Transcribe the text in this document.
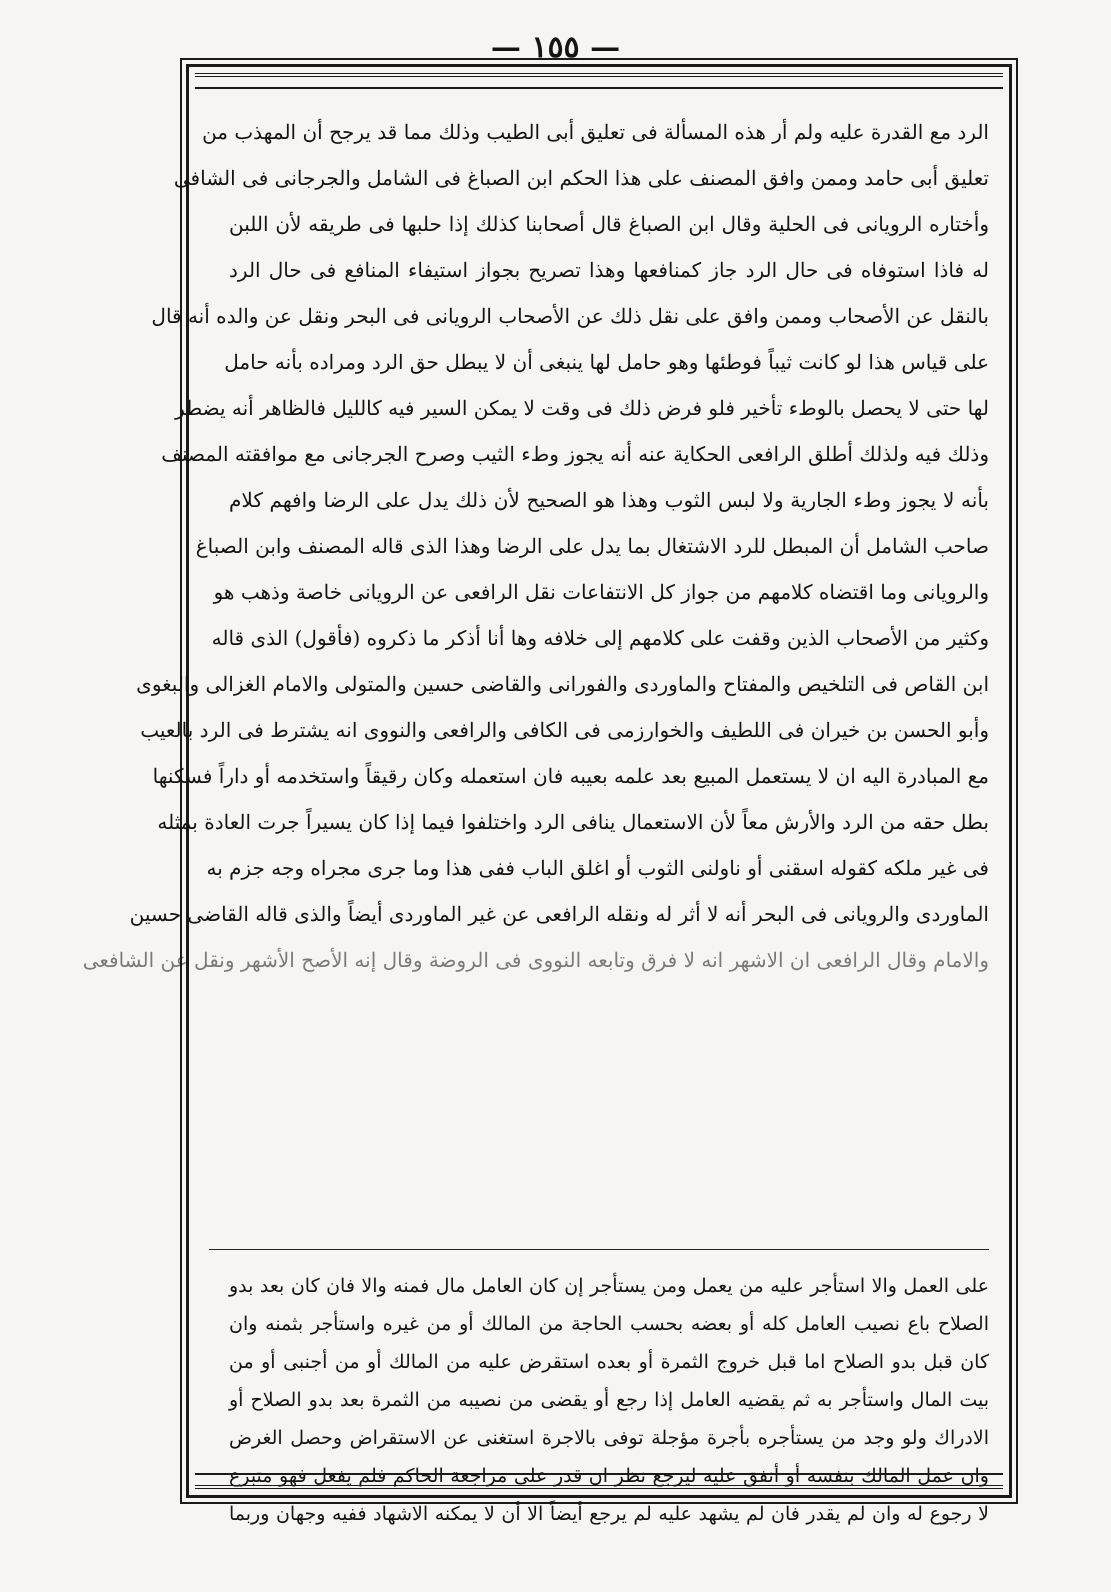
— ١٥٥ —
الرد مع القدرة عليه ولم أر هذه المسألة فى تعليق أبى الطيب وذلك مما قد يرجح أن المهذب من
تعليق أبى حامد وممن وافق المصنف على هذا الحكم ابن الصباغ فى الشامل والجرجانى فى الشافى
وأختاره الرويانى فى الحلية وقال ابن الصباغ قال أصحابنا كذلك إذا حلبها فى طريقه لأن اللبن
له فاذا استوفاه فى حال الرد جاز كمنافعها وهذا تصريح بجواز استيفاء المنافع فى حال الرد
بالنقل عن الأصحاب وممن وافق على نقل ذلك عن الأصحاب الرويانى فى البحر ونقل عن والده أنه قال
على قياس هذا لو كانت ثيباً فوطئها وهو حامل لها ينبغى أن لا يبطل حق الرد ومراده بأنه حامل
لها حتى لا يحصل بالوطء تأخير فلو فرض ذلك فى وقت لا يمكن السير فيه كالليل فالظاهر أنه يضطر
وذلك فيه ولذلك أطلق الرافعى الحكاية عنه أنه يجوز وطء الثيب وصرح الجرجانى مع موافقته المصنف
بأنه لا يجوز وطء الجارية ولا لبس الثوب وهذا هو الصحيح لأن ذلك يدل على الرضا وافهم كلام
صاحب الشامل أن المبطل للرد الاشتغال بما يدل على الرضا وهذا الذى قاله المصنف وابن الصباغ
والرويانى وما اقتضاه كلامهم من جواز كل الانتفاعات نقل الرافعى عن الرويانى خاصة وذهب هو
وكثير من الأصحاب الذين وقفت على كلامهم إلى خلافه وها أنا أذكر ما ذكروه (فأقول) الذى قاله
ابن القاص فى التلخيص والمفتاح والماوردى والفورانى والقاضى حسين والمتولى والامام الغزالى والبغوى
وأبو الحسن بن خيران فى اللطيف والخوارزمى فى الكافى والرافعى والنووى انه يشترط فى الرد بالعيب
مع المبادرة اليه ان لا يستعمل المبيع بعد علمه بعيبه فان استعمله وكان رقيقاً واستخدمه أو داراً فسكنها
بطل حقه من الرد والأرش معاً لأن الاستعمال ينافى الرد واختلفوا فيما إذا كان يسيراً جرت العادة بمثله
فى غير ملكه كقوله اسقنى أو ناولنى الثوب أو اغلق الباب ففى هذا وما جرى مجراه وجه جزم به
الماوردى والرويانى فى البحر أنه لا أثر له ونقله الرافعى عن غير الماوردى أيضاً والذى قاله القاضى حسين
والامام وقال الرافعى ان الاشهر انه لا فرق وتابعه النووى فى الروضة وقال إنه الأصح الأشهر ونقل عن الشافعى
على العمل والا استأجر عليه من يعمل ومن يستأجر إن كان العامل مال فمنه والا فان كان بعد بدو
الصلاح باع نصيب العامل كله أو بعضه بحسب الحاجة من المالك أو من غيره واستأجر بثمنه وان
كان قبل بدو الصلاح اما قبل خروج الثمرة أو بعده استقرض عليه من المالك أو من أجنبى أو من
بيت المال واستأجر به ثم يقضيه العامل إذا رجع أو يقضى من نصيبه من الثمرة بعد بدو الصلاح أو
الادراك ولو وجد من يستأجره بأجرة مؤجلة توفى بالاجرة استغنى عن الاستقراض وحصل الغرض
وان عمل المالك بنفسه أو أنفق عليه ليرجع نظر ان قدر على مراجعة الحاكم فلم يفعل فهو متبرع
لا رجوع له وان لم يقدر فان لم يشهد عليه لم يرجع أيضاً الا أن لا يمكنه الاشهاد ففيه وجهان وربما
